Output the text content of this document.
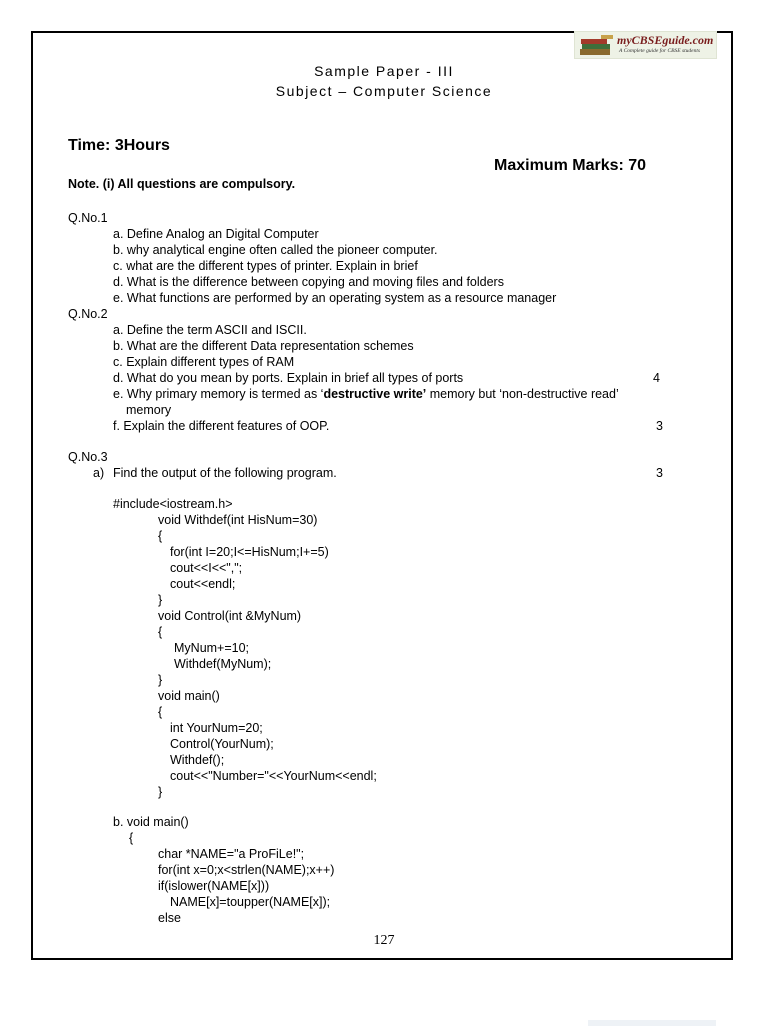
myCBSEguide.com
A Complete guide for CBSE students
Sample Paper - III
Subject – Computer Science
Time: 3Hours
Maximum Marks: 70
Note. (i) All questions are compulsory.
Q.No.1
a. Define Analog an Digital Computer
b. why analytical engine often called the pioneer computer.
c. what are the different types of printer. Explain in brief
d. What is the difference between copying and moving files and folders
e. What functions are performed by an operating system as a resource manager
Q.No.2
a. Define the term ASCII and ISCII.
b. What are the different Data representation schemes
c. Explain different types of RAM
d. What do you mean by ports. Explain in brief all types of ports	4
e. Why primary memory is termed as ‘destructive write’ memory but ‘non-destructive read’
memory
f. Explain the different features of OOP.	3
Q.No.3
a) Find the output of the following program.	3
#include<iostream.h>
void Withdef(int HisNum=30)
{
for(int I=20;I<=HisNum;I+=5)
cout<<I<<",";
cout<<endl;
}
void Control(int &MyNum)
{
MyNum+=10;
Withdef(MyNum);
}
void main()
{
int YourNum=20;
Control(YourNum);
Withdef();
cout<<"Number="<<YourNum<<endl;
}
b. void main()
{
char *NAME="a ProFiLe!";
for(int x=0;x<strlen(NAME);x++)
if(islower(NAME[x]))
NAME[x]=toupper(NAME[x]);
else
127
